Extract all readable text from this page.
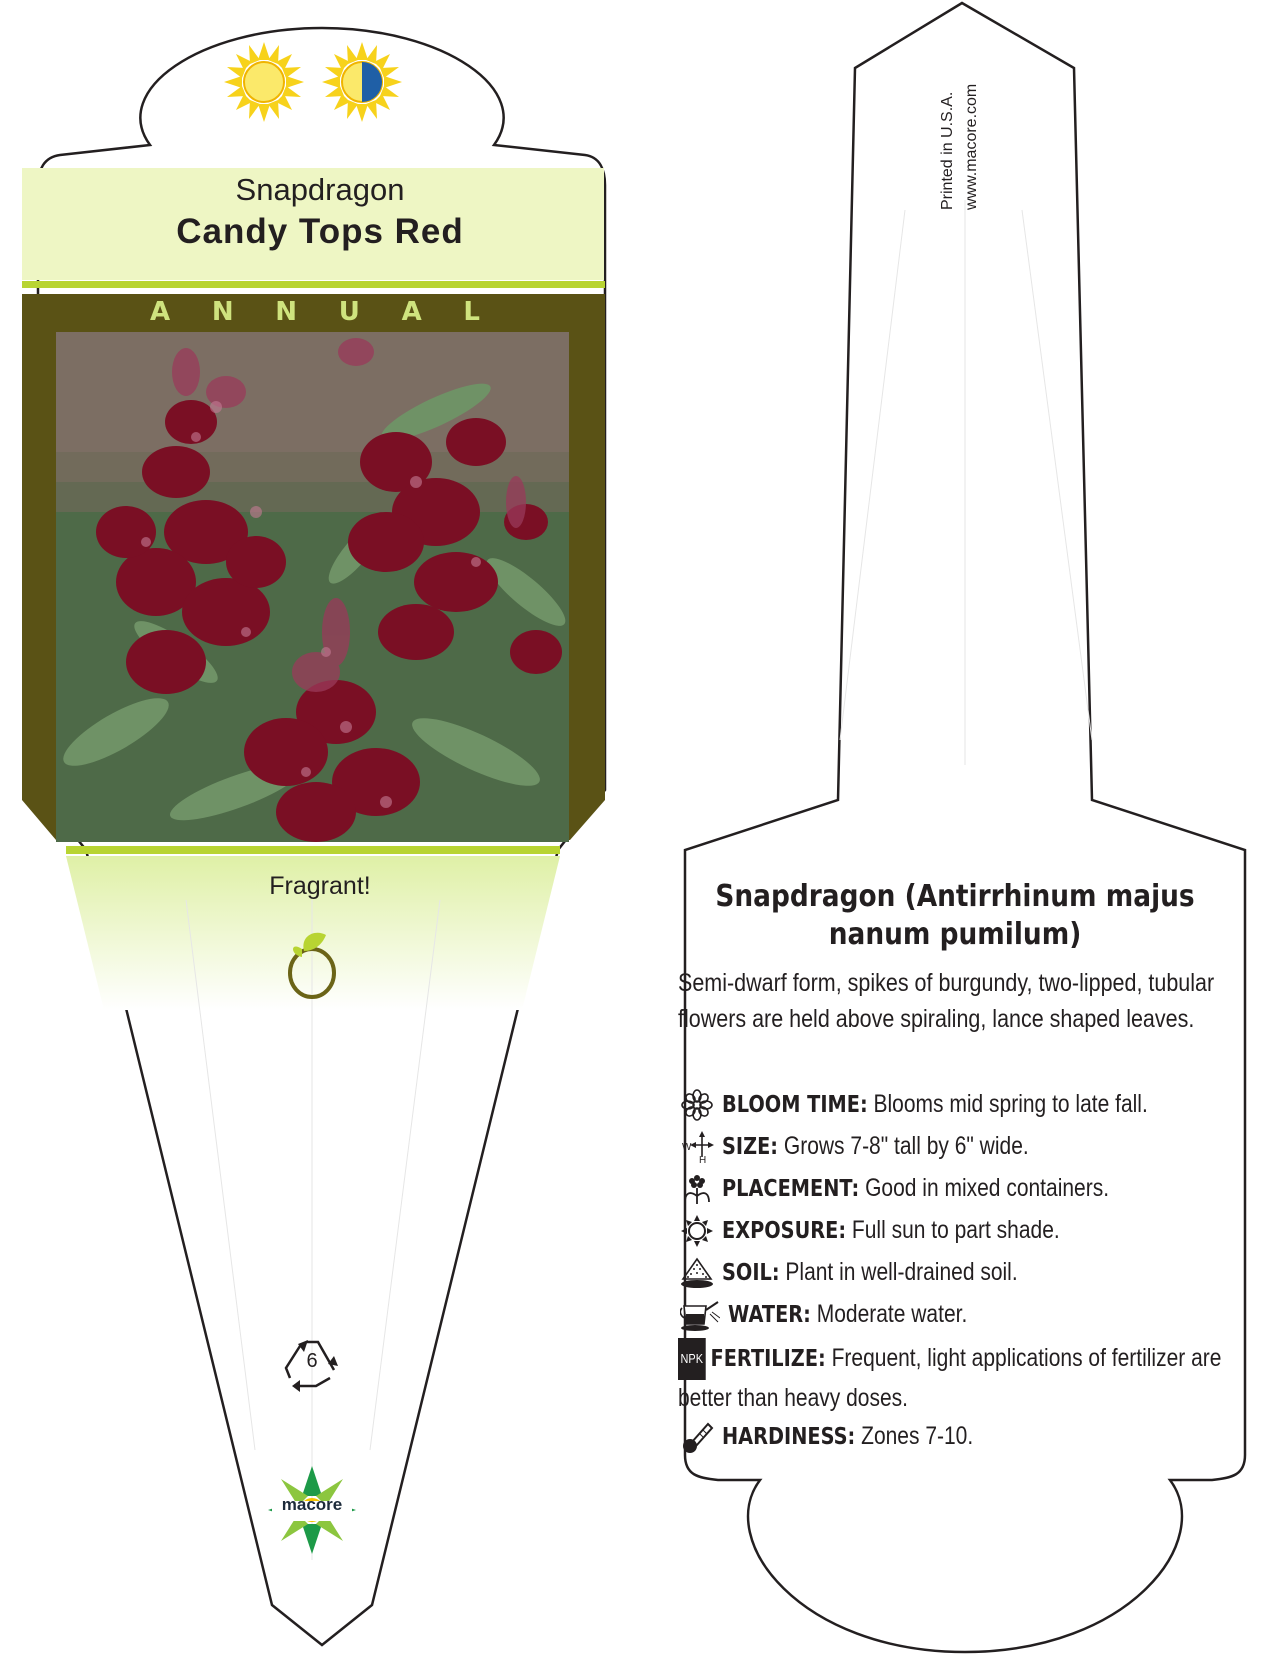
Snapdragon
Candy Tops Red
A N N U A L
Fragrant!
6
macore
Printed in U.S.A. www.macore.com
Snapdragon (Antirrhinum majus nanum pumilum)
Semi-dwarf form, spikes of burgundy, two-lipped, tubular flowers are held above spiraling, lance shaped leaves.
BLOOM TIME: Blooms mid spring to late fall.
W
H SIZE: Grows 7-8" tall by 6" wide.
PLACEMENT: Good in mixed containers.
EXPOSURE: Full sun to part shade.
SOIL: Plant in well-drained soil.
WATER: Moderate water.
NPK FERTILIZE: Frequent, light applications of fertilizer are better than heavy doses.
HARDINESS: Zones 7-10.
